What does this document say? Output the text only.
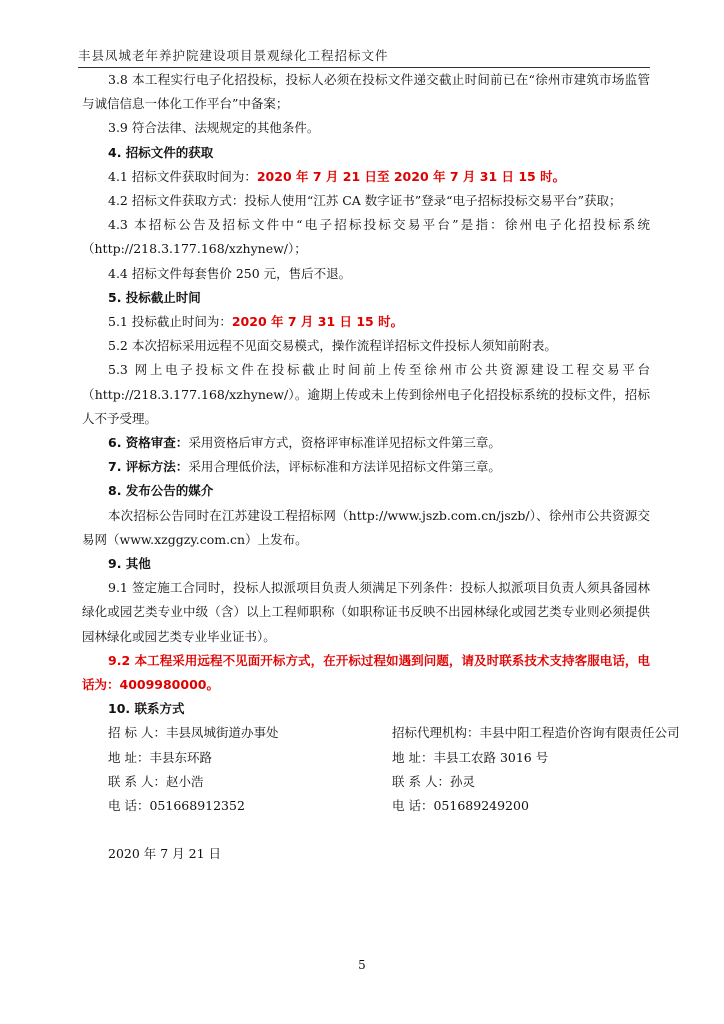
丰县凤城老年养护院建设项目景观绿化工程招标文件

3.8 本工程实行电子化招投标，投标人必须在投标文件递交截止时间前已在“徐州市建筑市场监管与诚信信息一体化工作平台”中备案；

3.9 符合法律、法规规定的其他条件。

4. 招标文件的获取

4.1 招标文件获取时间为：2020 年 7 月 21 日至 2020 年 7 月 31 日 15 时。

4.2 招标文件获取方式：投标人使用“江苏 CA 数字证书”登录“电子招标投标交易平台”获取；

4.3 本招标公告及招标文件中“电子招标投标交易平台”是指：徐州电子化招投标系统（http://218.3.177.168/xzhynew/）；

4.4 招标文件每套售价 250 元，售后不退。

5. 投标截止时间

5.1 投标截止时间为：2020 年 7 月 31 日 15 时。

5.2 本次招标采用远程不见面交易模式，操作流程详招标文件投标人须知前附表。

5.3 网上电子投标文件在投标截止时间前上传至徐州市公共资源建设工程交易平台（http://218.3.177.168/xzhynew/）。逾期上传或未上传到徐州电子化招投标系统的投标文件，招标人不予受理。

6. 资格审查：采用资格后审方式，资格评审标准详见招标文件第三章。

7. 评标方法：采用合理低价法，评标标准和方法详见招标文件第三章。

8. 发布公告的媒介

本次招标公告同时在江苏建设工程招标网（http://www.jszb.com.cn/jszb/）、徐州市公共资源交易网（www.xzggzy.com.cn）上发布。

9. 其他

9.1 签定施工合同时，投标人拟派项目负责人须满足下列条件：投标人拟派项目负责人须具备园林绿化或园艺类专业中级（含）以上工程师职称（如职称证书反映不出园林绿化或园艺类专业则必须提供园林绿化或园艺类专业毕业证书）。

9.2 本工程采用远程不见面开标方式，在开标过程如遇到问题，请及时联系技术支持客服电话，电话为：4009980000。

10. 联系方式

招 标 人：丰县凤城街道办事处	招标代理机构：丰县中阳工程造价咨询有限责任公司
地 址：丰县东环路	地 址：丰县工农路 3016 号
联 系 人：赵小浩	联 系 人：孙灵
电 话：051668912352	电 话：051689249200

2020 年 7 月 21 日

5
